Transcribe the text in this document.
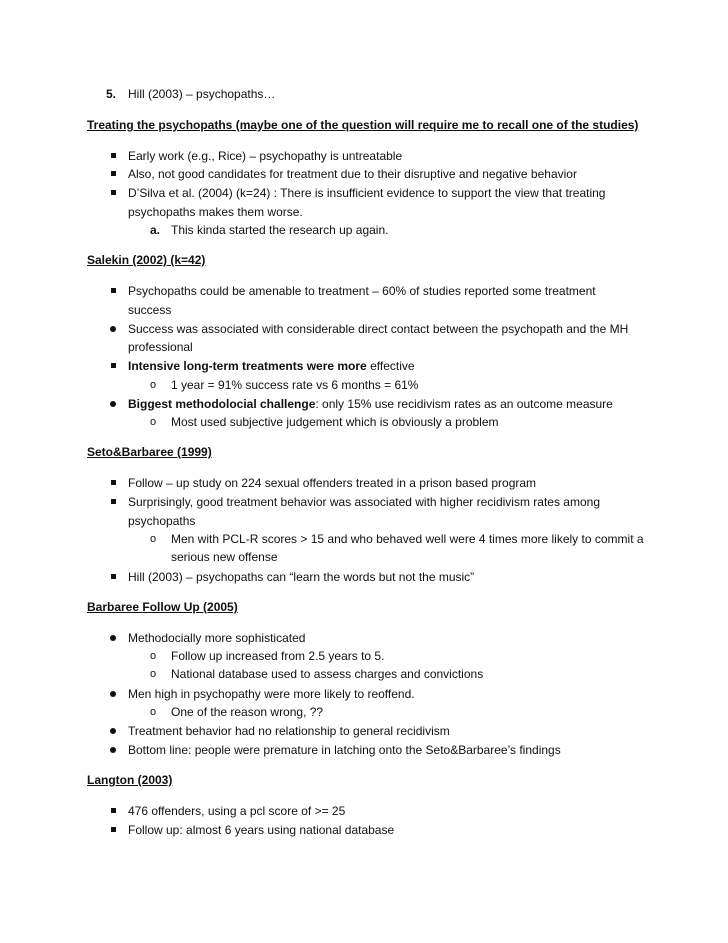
5. Hill (2003) – psychopaths…
Treating the psychopaths (maybe one of the question will require me to recall one of the studies)
Early work (e.g., Rice) – psychopathy is untreatable
Also, not good candidates for treatment due to their disruptive and negative behavior
D’Silva et al. (2004) (k=24) : There is insufficient evidence to support the view that treating
psychopaths makes them worse.
a. This kinda started the research up again.
Salekin (2002) (k=42)
Psychopaths could be amenable to treatment – 60% of studies reported some treatment
success
Success was associated with considerable direct contact between the psychopath and the MH
professional
Intensive long-term treatments were more effective
o 1 year = 91% success rate vs 6 months = 61%
Biggest methodolocial challenge: only 15% use recidivism rates as an outcome measure
o Most used subjective judgement which is obviously a problem
Seto&Barbaree (1999)
Follow – up study on 224 sexual offenders treated in a prison based program
Surprisingly, good treatment behavior was associated with higher recidivism rates among
psychopaths
o Men with PCL-R scores > 15 and who behaved well were 4 times more likely to commit a
serious new offense
Hill (2003) – psychopaths can “learn the words but not the music”
Barbaree Follow Up (2005)
Methodocially more sophisticated
o Follow up increased from 2.5 years to 5.
o National database used to assess charges and convictions
Men high in psychopathy were more likely to reoffend.
o One of the reason wrong, ??
Treatment behavior had no relationship to general recidivism
Bottom line: people were premature in latching onto the Seto&Barbaree’s findings
Langton (2003)
476 offenders, using a pcl score of >= 25
Follow up: almost 6 years using national database
